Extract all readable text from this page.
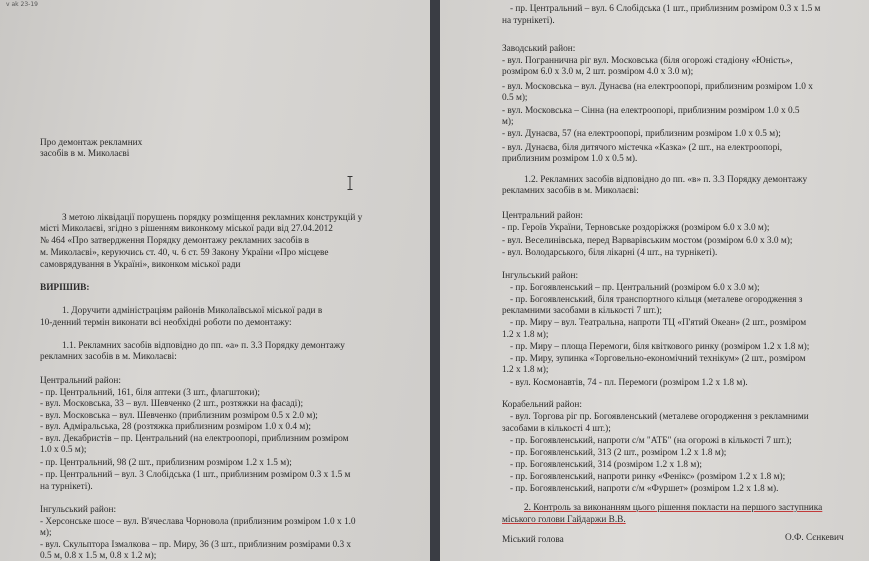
v ak 23-19
Про демонтаж рекламних
засобів в м. Миколаєві
З метою ліквідації порушень порядку розміщення рекламних конструкцій у
місті Миколаєві, згідно з рішенням виконкому міської ради від 27.04.2012
№ 464 «Про затвердження Порядку демонтажу рекламних засобів в
м. Миколаєві», керуючись ст. 40, ч. 6 ст. 59 Закону України «Про місцеве
самоврядування в Україні», виконком міської ради
ВИРІШИВ:
1. Доручити адміністраціям районів Миколаївської міської ради в
10-денний термін виконати всі необхідні роботи по демонтажу:
1.1. Рекламних засобів відповідно до пп. «а» п. 3.3 Порядку демонтажу
рекламних засобів в м. Миколаєві:
Центральний район:
- пр. Центральний, 161, біля аптеки (3 шт., флагштоки);
- вул. Московська, 33 – вул. Шевченко (2 шт., розтяжки на фасаді);
- вул. Московська – вул. Шевченко (приблизним розміром 0.5 х 2.0 м);
- вул. Адміральська, 28 (розтяжка приблизним розміром 1.0 х 0.4 м);
- вул. Декабристів – пр. Центральний (на електроопорі, приблизним розміром
1.0 х 0.5 м);
- пр. Центральний, 98 (2 шт., приблизним розміром 1.2 х 1.5 м);
- пр. Центральний – вул. 3 Слобідська (1 шт., приблизним розміром 0.3 х 1.5 м
на турнікеті).
Інгульський район:
- Херсонське шосе – вул. В'ячеслава Чорновола (приблизним розміром 1.0 х 1.0
м);
- вул. Скульптора Ізмалкова – пр. Миру, 36 (3 шт., приблизним розмірами 0.3 х
0.5 м, 0.8 х 1.5 м, 0.8 х 1.2 м);
- пр. Центральний – вул. 6 Слобідська (1 шт., приблизним розміром 0.3 х 1.5 м
на турнікеті).
Заводський район:
- вул. Пограннична ріг вул. Московська (біля огорожі стадіону «Юність»,
розміром 6.0 х 3.0 м, 2 шт. розміром 4.0 х 3.0 м);
- вул. Московська – вул. Дунаєва (на електроопорі, приблизним розміром 1.0 х
0.5 м);
- вул. Московська – Сінна (на електроопорі, приблизним розміром 1.0 х 0.5
м);
- вул. Дунаєва, 57 (на електроопорі, приблизним розміром 1.0 х 0.5 м);
- вул. Дунаєва, біля дитячого містечка «Казка» (2 шт., на електроопорі,
приблизним розміром 1.0 х 0.5 м).
1.2. Рекламних засобів відповідно до пп. «в» п. 3.3 Порядку демонтажу
рекламних засобів в м. Миколаєві:
Центральний район:
- пр. Героїв України, Терновське роздоріжжя (розміром 6.0 х 3.0 м);
- вул. Веселинівська, перед Варварівським мостом (розміром 6.0 х 3.0 м);
- вул. Володарського, біля лікарні (4 шт., на турнікеті).
Інгульський район:
- пр. Богоявленський – пр. Центральний (розміром 6.0 х 3.0 м);
- пр. Богоявленський, біля транспортного кільця (металеве огородження з
рекламними засобами в кількості 7 шт.);
- пр. Миру – вул. Театральна, напроти ТЦ «П'ятий Океан» (2 шт., розміром
1.2 х 1.8 м);
- пр. Миру – площа Перемоги, біля квіткового ринку (розміром 1.2 х 1.8 м);
- пр. Миру, зупинка «Торговельно-економічний технікум» (2 шт., розміром
1.2 х 1.8 м);
- вул. Космонавтів, 74 - пл. Перемоги (розміром 1.2 х 1.8 м).
Корабельний район:
- вул. Торгова ріг пр. Богоявленський (металеве огородження з рекламними
засобами в кількості 4 шт.);
- пр. Богоявленський, напроти с/м "АТБ" (на огорожі в кількості 7 шт.);
- пр. Богоявленський, 313 (2 шт., розміром 1.2 х 1.8 м);
- пр. Богоявленський, 314 (розміром 1.2 х 1.8 м);
- пр. Богоявленський, напроти ринку «Фенікс» (розміром 1.2 х 1.8 м);
- пр. Богоявленський, напроти с/м «Фуршет» (розміром 1.2 х 1.8 м).
2. Контроль за виконанням цього рішення покласти на першого заступника
міського голови Гайдаржи В.В.
Міський голова	О.Ф. Сєнкевич
